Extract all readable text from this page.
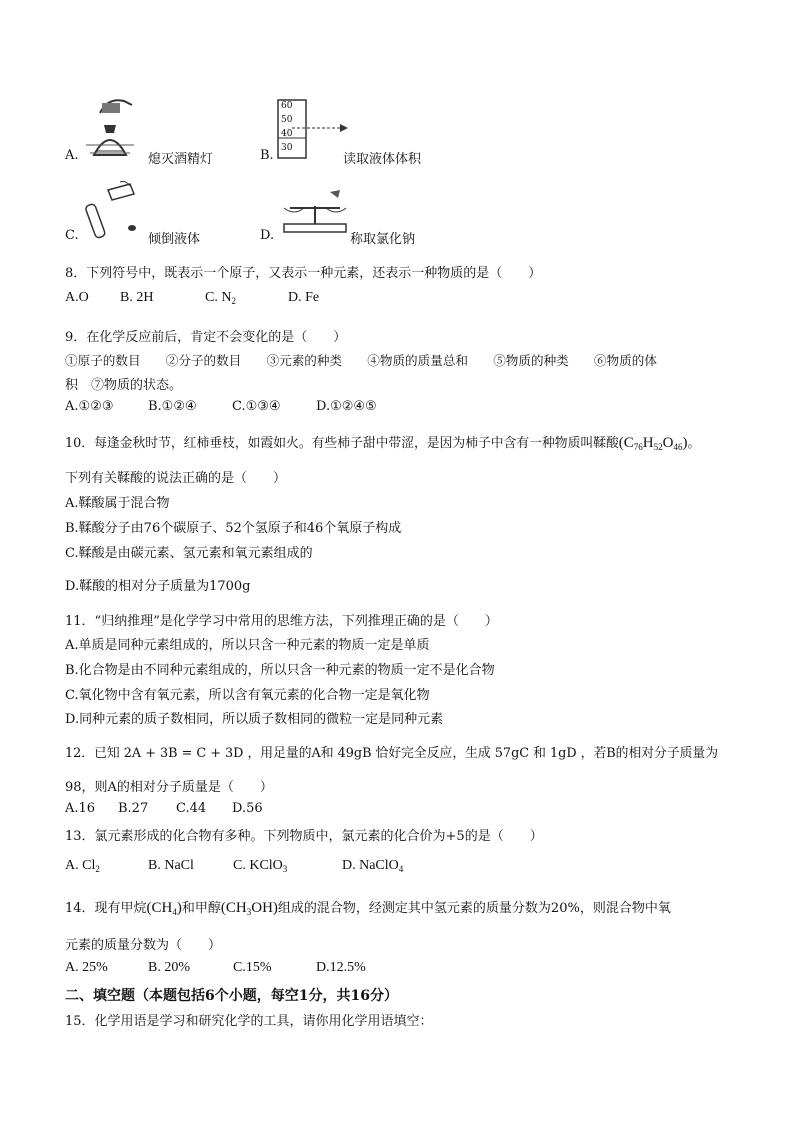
A.	熄灭酒精灯
60
50
40
30
B.	读取液体体积
C.	倾倒液体	D.	称取氯化钠
8．下列符号中，既表示一个原子，又表示一种元素，还表示一种物质的是（　　）
A.O B. 2H	C. $N_2$	D. Fe
9．在化学反应前后，肯定不会变化的是（　　）
①原子的数目　　②分子的数目　　③元素的种类　　④物质的质量总和　　⑤物质的种类　　⑥物质的体
积　⑦物质的状态。
A.①②③	B.①②④	C.①③④	D.①②④⑤
10．每逢金秋时节，红柿垂枝，如霞如火。有些柿子甜中带涩，是因为柿子中含有一种物质叫鞣酸$(C_{76}H_{52}O_{46})$。
下列有关鞣酸的说法正确的是（　　）
A.鞣酸属于混合物
B.鞣酸分子由76个碳原子、52个氢原子和46个氧原子构成
C.鞣酸是由碳元素、氢元素和氧元素组成的
D.鞣酸的相对分子质量为1700g
11．“归纳推理”是化学学习中常用的思维方法，下列推理正确的是（　　）
A.单质是同种元素组成的，所以只含一种元素的物质一定是单质
B.化合物是由不同种元素组成的，所以只含一种元素的物质一定不是化合物
C.氧化物中含有氧元素，所以含有氧元素的化合物一定是氧化物
D.同种元素的质子数相同，所以质子数相同的微粒一定是同种元素
12．已知 2A + 3B = C + 3D ，用足量的A和 49gB 恰好完全反应，生成 57gC 和 1gD ，若B的相对分子质量为
98，则A的相对分子质量是（　　）
A.16 B.27 C.44 D.56
13．氯元素形成的化合物有多种。下列物质中，氯元素的化合价为+5的是（　　）
A. $Cl_2$	B. NaCl	C. KClO$_3$	D. NaClO$_4$
14．现有甲烷$(CH_4)$和甲醇$(CH_3OH)$组成的混合物，经测定其中氢元素的质量分数为20%，则混合物中氧
元素的质量分数为（　　）
A. 25%	B. 20%	C.15%	D.12.5%
二、填空题（本题包括6个小题，每空1分，共16分）
15．化学用语是学习和研究化学的工具，请你用化学用语填空：
